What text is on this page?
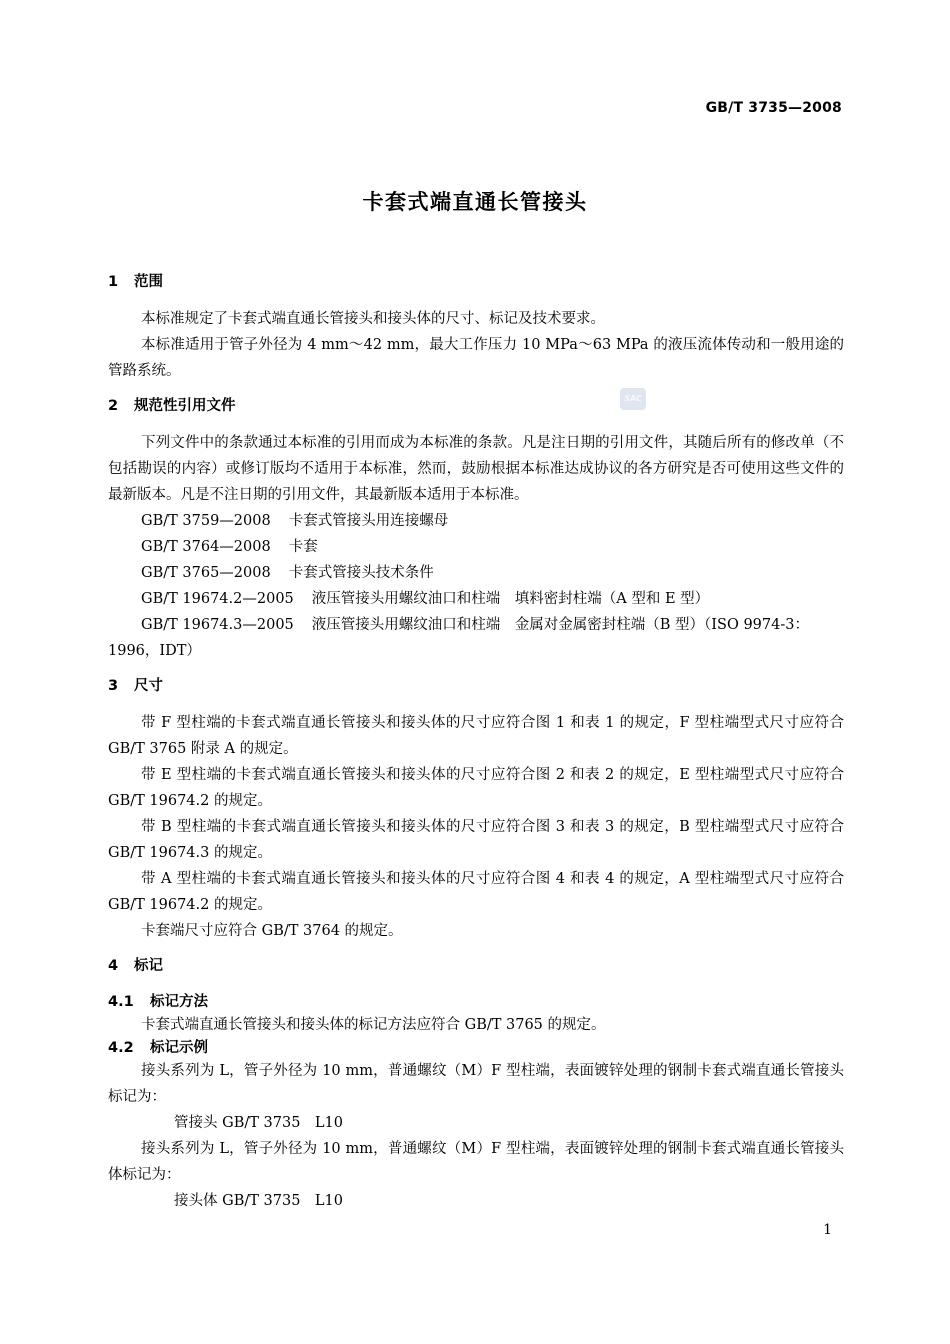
GB/T 3735—2008
卡套式端直通长管接头
SAC
1 范围

本标准规定了卡套式端直通长管接头和接头体的尺寸、标记及技术要求。

本标准适用于管子外径为 4 mm～42 mm，最大工作压力 10 MPa～63 MPa 的液压流体传动和一般用途的管路系统。

2 规范性引用文件

下列文件中的条款通过本标准的引用而成为本标准的条款。凡是注日期的引用文件，其随后所有的修改单（不包括勘误的内容）或修订版均不适用于本标准，然而，鼓励根据本标准达成协议的各方研究是否可使用这些文件的最新版本。凡是不注日期的引用文件，其最新版本适用于本标准。

GB/T 3759—2008 卡套式管接头用连接螺母
GB/T 3764—2008 卡套
GB/T 3765—2008 卡套式管接头技术条件
GB/T 19674.2—2005 液压管接头用螺纹油口和柱端　填料密封柱端（A 型和 E 型）
GB/T 19674.3—2005 液压管接头用螺纹油口和柱端　金属对金属密封柱端（B 型）（ISO 9974-3：
1996，IDT）
3 尺寸

带 F 型柱端的卡套式端直通长管接头和接头体的尺寸应符合图 1 和表 1 的规定，F 型柱端型式尺寸应符合 GB/T 3765 附录 A 的规定。

带 E 型柱端的卡套式端直通长管接头和接头体的尺寸应符合图 2 和表 2 的规定，E 型柱端型式尺寸应符合 GB/T 19674.2 的规定。

带 B 型柱端的卡套式端直通长管接头和接头体的尺寸应符合图 3 和表 3 的规定，B 型柱端型式尺寸应符合 GB/T 19674.3 的规定。

带 A 型柱端的卡套式端直通长管接头和接头体的尺寸应符合图 4 和表 4 的规定，A 型柱端型式尺寸应符合 GB/T 19674.2 的规定。

卡套端尺寸应符合 GB/T 3764 的规定。

4 标记
4.1 标记方法

卡套式端直通长管接头和接头体的标记方法应符合 GB/T 3765 的规定。

4.2 标记示例

接头系列为 L，管子外径为 10 mm，普通螺纹（M）F 型柱端，表面镀锌处理的钢制卡套式端直通长管接头标记为：

管接头 GB/T 3735　L10

接头系列为 L，管子外径为 10 mm，普通螺纹（M）F 型柱端，表面镀锌处理的钢制卡套式端直通长管接头体标记为：

接头体 GB/T 3735　L10
1
